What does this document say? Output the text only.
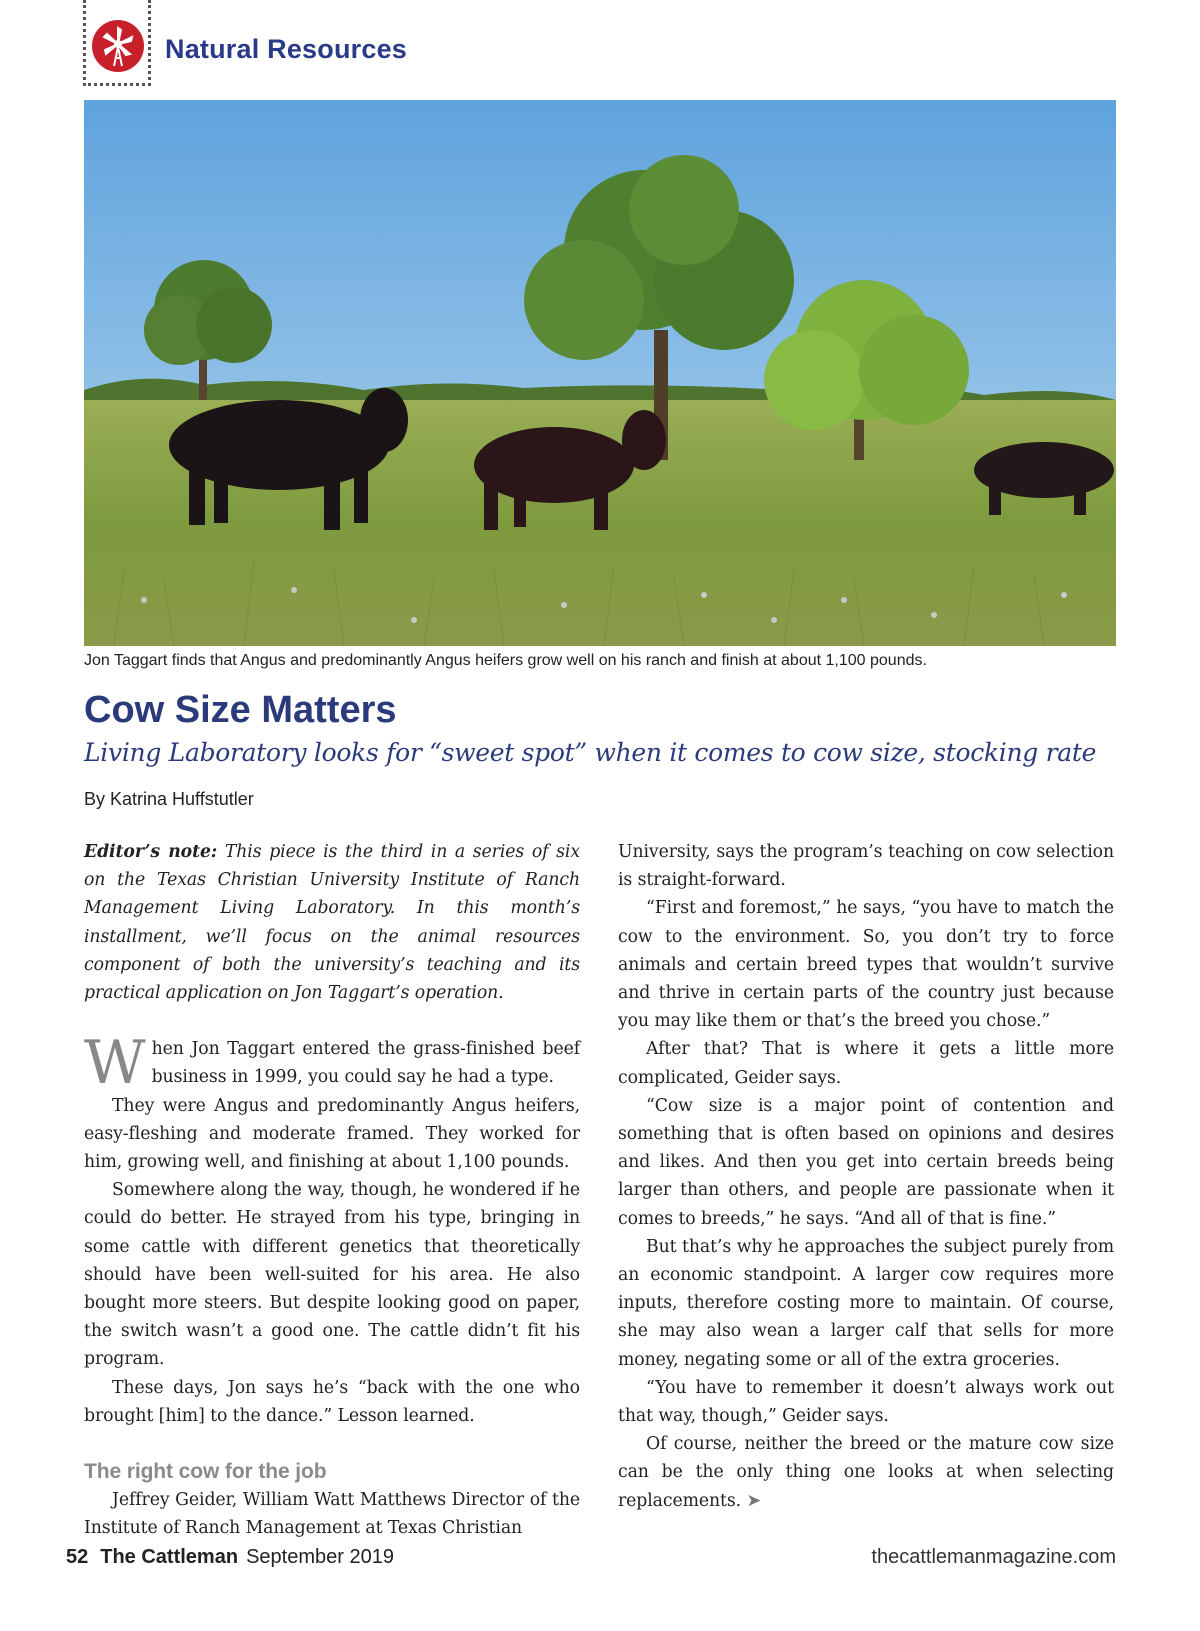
Natural Resources
Jon Taggart finds that Angus and predominantly Angus heifers grow well on his ranch and finish at about 1,100 pounds.
Cow Size Matters
Living Laboratory looks for “sweet spot” when it comes to cow size, stocking rate
By Katrina Huffstutler

Editor’s note: This piece is the third in a series of six on the Texas Christian University Institute of Ranch Management Living Laboratory. In this month’s installment, we’ll focus on the animal resources component of both the university’s teaching and its practical application on Jon Taggart’s operation.

When Jon Taggart entered the grass-finished beef business in 1999, you could say he had a type.

They were Angus and predominantly Angus heifers, easy-fleshing and moderate framed. They worked for him, growing well, and finishing at about 1,100 pounds.

Somewhere along the way, though, he wondered if he could do better. He strayed from his type, bringing in some cattle with different genetics that theoretically should have been well-suited for his area. He also bought more steers. But despite looking good on paper, the switch wasn’t a good one. The cattle didn’t fit his program.

These days, Jon says he’s “back with the one who brought [him] to the dance.” Lesson learned.

The right cow for the job

Jeffrey Geider, William Watt Matthews Director of the Institute of Ranch Management at Texas Christian

University, says the program’s teaching on cow selection is straight-forward.

“First and foremost,” he says, “you have to match the cow to the environment. So, you don’t try to force animals and certain breed types that wouldn’t survive and thrive in certain parts of the country just because you may like them or that’s the breed you chose.”

After that? That is where it gets a little more complicated, Geider says.

“Cow size is a major point of contention and something that is often based on opinions and desires and likes. And then you get into certain breeds being larger than others, and people are passionate when it comes to breeds,” he says. “And all of that is fine.”

But that’s why he approaches the subject purely from an economic standpoint. A larger cow requires more inputs, therefore costing more to maintain. Of course, she may also wean a larger calf that sells for more money, negating some or all of the extra groceries.

“You have to remember it doesn’t always work out that way, though,” Geider says.

Of course, neither the breed or the mature cow size can be the only thing one looks at when selecting replacements. ➤

52 The Cattleman September 2019	thecattlemanmagazine.com
